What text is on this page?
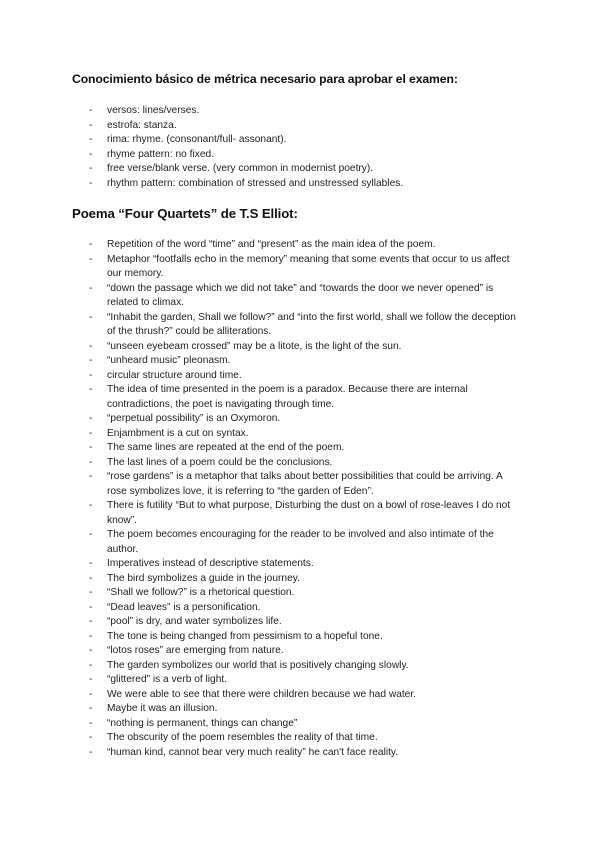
Conocimiento básico de métrica necesario para aprobar el examen:
- versos: lines/verses.
- estrofa: stanza.
- rima: rhyme. (consonant/full- assonant).
- rhyme pattern: no fixed.
- free verse/blank verse. (very common in modernist poetry).
- rhythm pattern: combination of stressed and unstressed syllables.
Poema “Four Quartets” de T.S Elliot:
- Repetition of the word “time” and “present” as the main idea of the poem.
- Metaphor “footfalls echo in the memory” meaning that some events that occur to us affect our memory.
- “down the passage which we did not take” and “towards the door we never opened” is related to climax.
- “Inhabit the garden, Shall we follow?” and “into the first world, shall we follow the deception of the thrush?” could be alliterations.
- “unseen eyebeam crossed” may be a litote, is the light of the sun.
- “unheard music” pleonasm.
- circular structure around time.
- The idea of time presented in the poem is a paradox. Because there are internal contradictions, the poet is navigating through time.
- “perpetual possibility” is an Oxymoron.
- Enjambment is a cut on syntax.
- The same lines are repeated at the end of the poem.
- The last lines of a poem could be the conclusions.
- “rose gardens” is a metaphor that talks about better possibilities that could be arriving. A rose symbolizes love, it is referring to “the garden of Eden”.
- There is futility “But to what purpose, Disturbing the dust on a bowl of rose-leaves I do not know”.
- The poem becomes encouraging for the reader to be involved and also intimate of the author.
- Imperatives instead of descriptive statements.
- The bird symbolizes a guide in the journey.
- “Shall we follow?” is a rhetorical question.
- “Dead leaves” is a personification.
- “pool” is dry, and water symbolizes life.
- The tone is being changed from pessimism to a hopeful tone.
- “lotos roses” are emerging from nature.
- The garden symbolizes our world that is positively changing slowly.
- “glittered” is a verb of light.
- We were able to see that there were children because we had water.
- Maybe it was an illusion.
- “nothing is permanent, things can change”
- The obscurity of the poem resembles the reality of that time.
- “human kind, cannot bear very much reality” he can't face reality.
